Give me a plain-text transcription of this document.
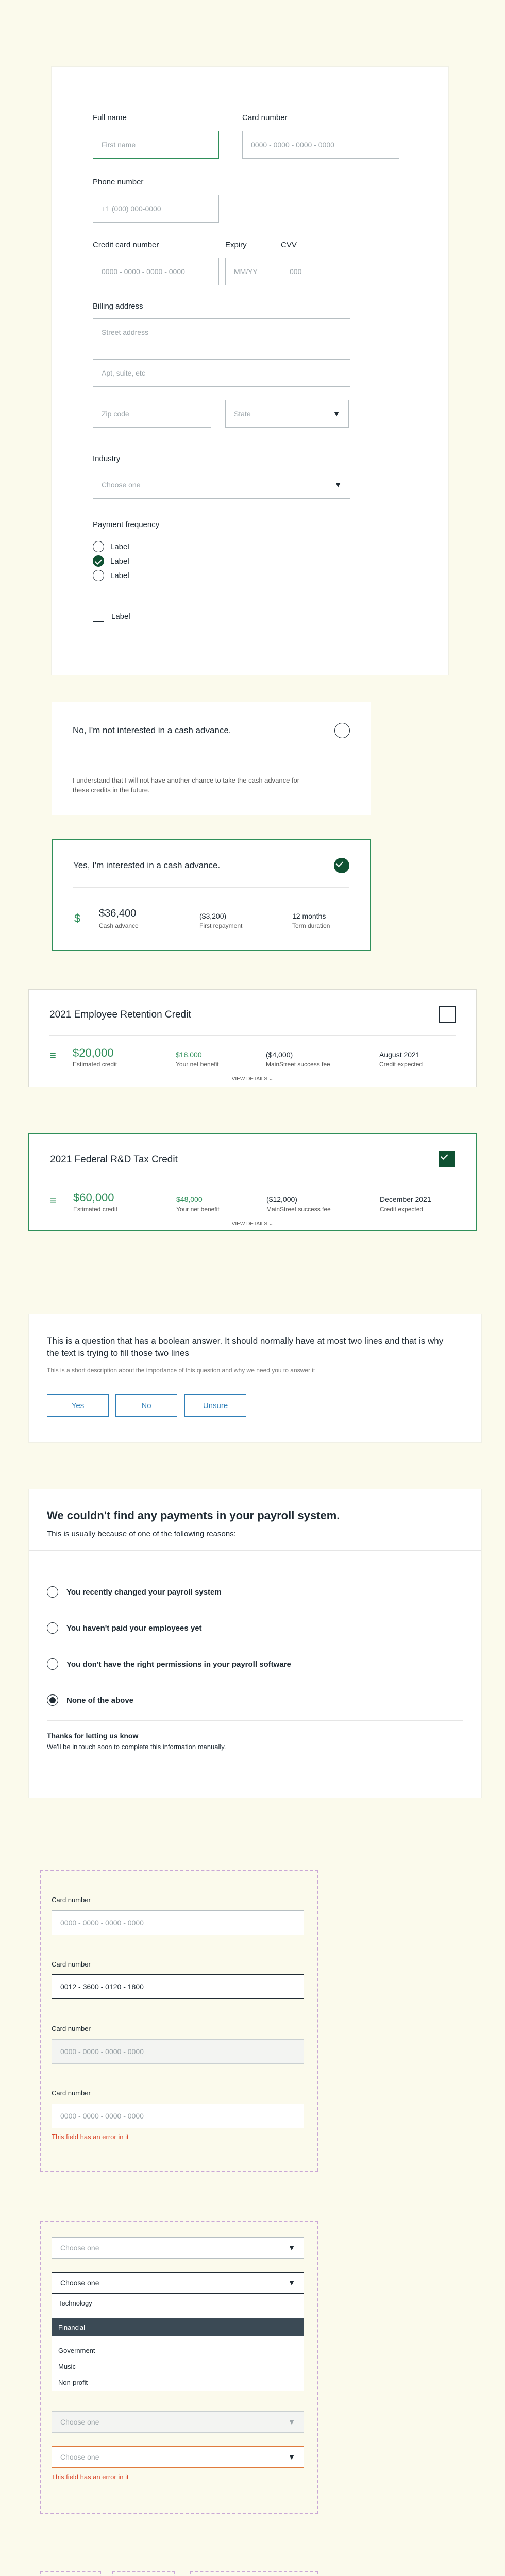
Full name
First name
Card number
0000 - 0000 - 0000 - 0000
Phone number
+1 (000) 000-0000
Credit card number
0000 - 0000 - 0000 - 0000
Expiry
MM/YY
CVV
000
Billing address
Street address
Apt, suite, etc
Zip code	State	▼
Industry
Choose one	▼
Payment frequency
Label
Label
Label
Label
No, I'm not interested in a cash advance.
I understand that I will not have another chance to take the cash advance for these credits in the future.
Yes, I'm interested in a cash advance.
$ $36,400
Cash advance
($3,200)
First repayment
12 months
Term duration
2021 Employee Retention Credit
≡ $20,000
Estimated credit
$18,000
Your net benefit
($4,000)
MainStreet success fee
August 2021
Credit expected
VIEW DETAILS ⌄
2021 Federal R&D Tax Credit
≡ $60,000
Estimated credit
$48,000
Your net benefit
($12,000)
MainStreet success fee
December 2021
Credit expected
VIEW DETAILS ⌄
This is a question that has a boolean answer. It should normally have at most two lines and that is why the text is trying to fill those two lines
This is a short description about the importance of this question and why we need you to answer it
Yes	No	Unsure
We couldn't find any payments in your payroll system.
This is usually because of one of the following reasons:
You recently changed your payroll system
You haven't paid your employees yet
You don't have the right permissions in your payroll software
None of the above
Thanks for letting us know
We'll be in touch soon to complete this information manually.
Card number
0000 - 0000 - 0000 - 0000
Card number
0012 - 3600 - 0120 - 1800
Card number
0000 - 0000 - 0000 - 0000
Card number
0000 - 0000 - 0000 - 0000
This field has an error in it
Choose one	▼
Choose one	▼
Technology
Financial
Government
Music
Non-profit
Choose one	▼
Choose one	▼
This field has an error in it
